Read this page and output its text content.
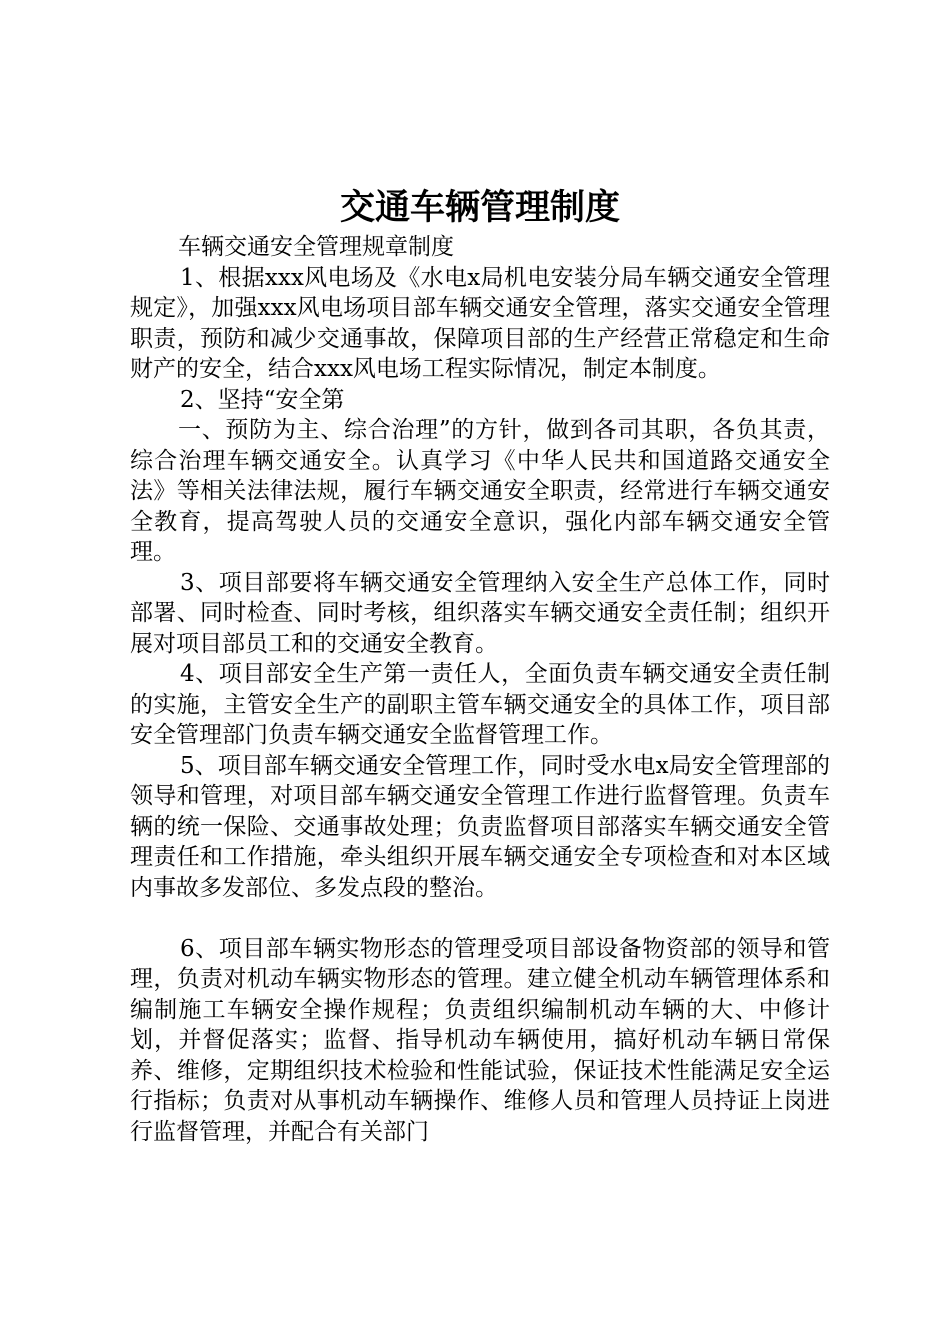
交通车辆管理制度

车辆交通安全管理规章制度

1、根据xxx风电场及《水电x局机电安装分局车辆交通安全管理规定》，加强xxx风电场项目部车辆交通安全管理，落实交通安全管理职责，预防和减少交通事故，保障项目部的生产经营正常稳定和生命财产的安全，结合xxx风电场工程实际情况，制定本制度。

2、坚持“安全第

一、预防为主、综合治理”的方针，做到各司其职，各负其责，综合治理车辆交通安全。认真学习《中华人民共和国道路交通安全法》等相关法律法规，履行车辆交通安全职责，经常进行车辆交通安全教育，提高驾驶人员的交通安全意识，强化内部车辆交通安全管理。

3、项目部要将车辆交通安全管理纳入安全生产总体工作，同时部署、同时检查、同时考核，组织落实车辆交通安全责任制；组织开展对项目部员工和的交通安全教育。

4、项目部安全生产第一责任人，全面负责车辆交通安全责任制的实施，主管安全生产的副职主管车辆交通安全的具体工作，项目部安全管理部门负责车辆交通安全监督管理工作。

5、项目部车辆交通安全管理工作，同时受水电x局安全管理部的领导和管理，对项目部车辆交通安全管理工作进行监督管理。负责车辆的统一保险、交通事故处理；负责监督项目部落实车辆交通安全管理责任和工作措施，牵头组织开展车辆交通安全专项检查和对本区域内事故多发部位、多发点段的整治。

6、项目部车辆实物形态的管理受项目部设备物资部的领导和管理，负责对机动车辆实物形态的管理。建立健全机动车辆管理体系和编制施工车辆安全操作规程；负责组织编制机动车辆的大、中修计划，并督促落实；监督、指导机动车辆使用，搞好机动车辆日常保养、维修，定期组织技术检验和性能试验，保证技术性能满足安全运行指标；负责对从事机动车辆操作、维修人员和管理人员持证上岗进行监督管理，并配合有关部门
